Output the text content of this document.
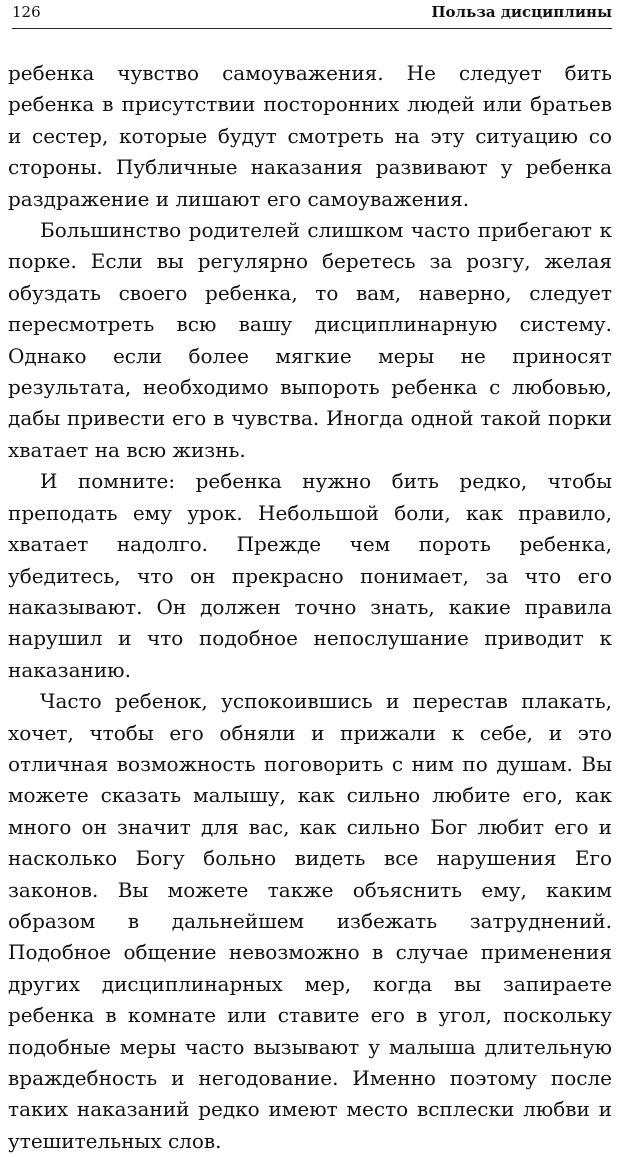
126	Польза дисциплины

ребенка чувство самоуважения. Не следует бить ребенка в присутствии посторонних людей или братьев и сестер, которые будут смотреть на эту ситуацию со стороны. Публичные наказания развивают у ребенка раздражение и лишают его самоуважения.

Большинство родителей слишком часто прибегают к порке. Если вы регулярно беретесь за розгу, желая обуздать своего ребенка, то вам, наверно, следует пересмотреть всю вашу дисциплинарную систему. Однако если более мягкие меры не приносят результата, необходимо выпороть ребенка с любовью, дабы привести его в чувства. Иногда одной такой порки хватает на всю жизнь.

И помните: ребенка нужно бить редко, чтобы преподать ему урок. Небольшой боли, как правило, хватает надолго. Прежде чем пороть ребенка, убедитесь, что он прекрасно понимает, за что его наказывают. Он должен точно знать, какие правила нарушил и что подобное непослушание приводит к наказанию.

Часто ребенок, успокоившись и перестав плакать, хочет, чтобы его обняли и прижали к себе, и это отличная возможность поговорить с ним по душам. Вы можете сказать малышу, как сильно любите его, как много он значит для вас, как сильно Бог любит его и насколько Богу больно видеть все нарушения Его законов. Вы можете также объяснить ему, каким образом в дальнейшем избежать затруднений. Подобное общение невозможно в случае применения других дисциплинарных мер, когда вы запираете ребенка в комнате или ставите его в угол, поскольку подобные меры часто вызывают у малыша длительную враждебность и негодование. Именно поэтому после таких наказаний редко имеют место всплески любви и утешительных слов.
